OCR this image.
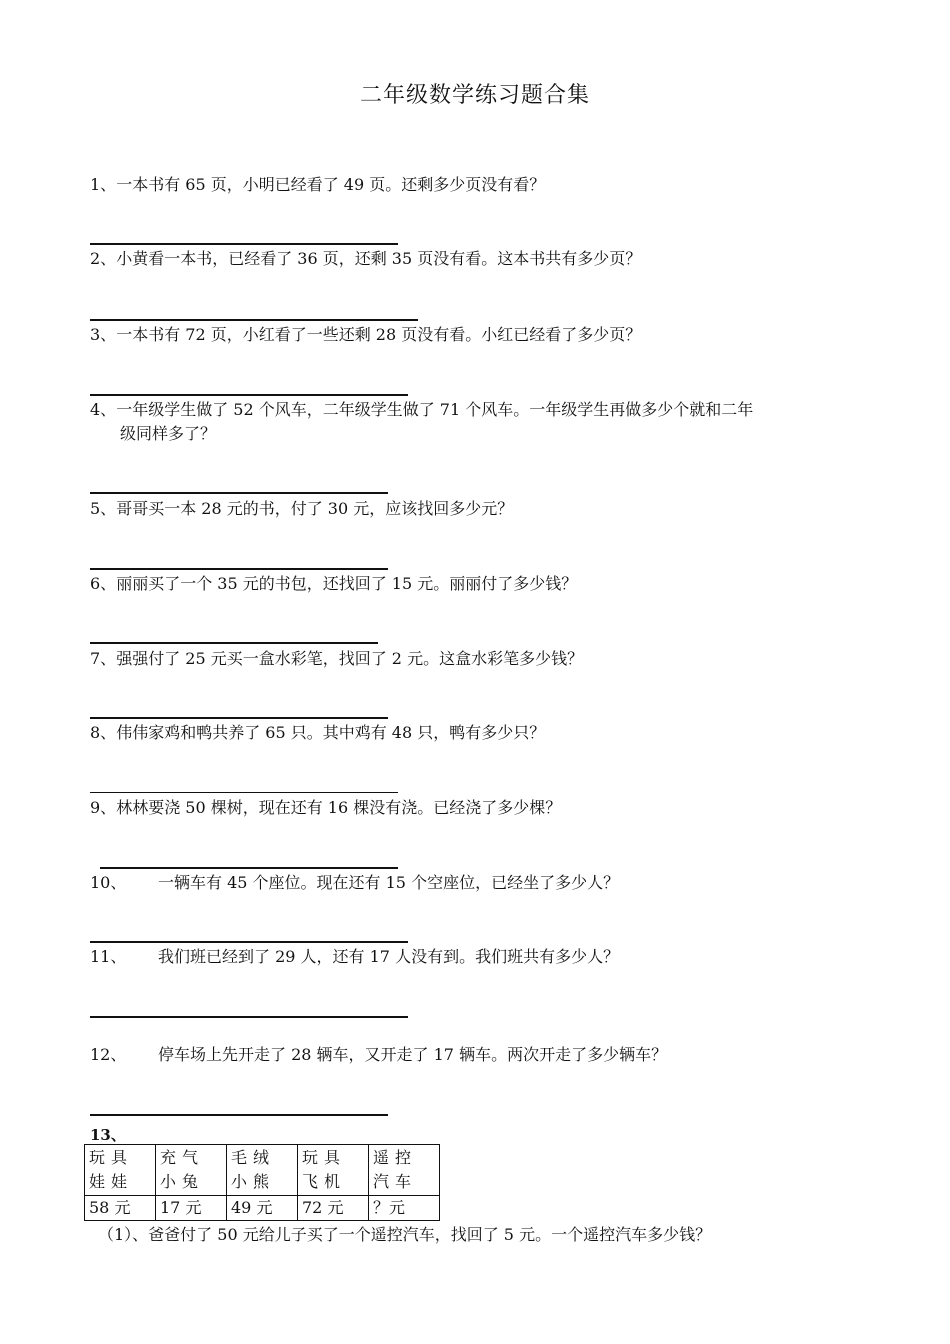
二年级数学练习题合集
1、一本书有 65 页，小明已经看了 49 页。还剩多少页没有看？
2、小黄看一本书，已经看了 36 页，还剩 35 页没有看。这本书共有多少页？
3、一本书有 72 页，小红看了一些还剩 28 页没有看。小红已经看了多少页？
4、一年级学生做了 52 个风车，二年级学生做了 71 个风车。一年级学生再做多少个就和二年
级同样多了？
5、哥哥买一本 28 元的书，付了 30 元，应该找回多少元？
6、丽丽买了一个 35 元的书包，还找回了 15 元。丽丽付了多少钱？
7、强强付了 25 元买一盒水彩笔，找回了 2 元。这盒水彩笔多少钱？
8、伟伟家鸡和鸭共养了 65 只。其中鸡有 48 只，鸭有多少只？
9、林林要浇 50 棵树，现在还有 16 棵没有浇。已经浇了多少棵？
10、 一辆车有 45 个座位。现在还有 15 个空座位，已经坐了多少人？
11、 我们班已经到了 29 人，还有 17 人没有到。我们班共有多少人？
12、 停车场上先开走了 28 辆车，又开走了 17 辆车。两次开走了多少辆车？
13、
玩具娃娃	充气小兔	毛绒小熊	玩具飞机	遥控汽车
58 元	17 元	49 元	72 元	？元
（1）、爸爸付了 50 元给儿子买了一个遥控汽车，找回了 5 元。一个遥控汽车多少钱？
